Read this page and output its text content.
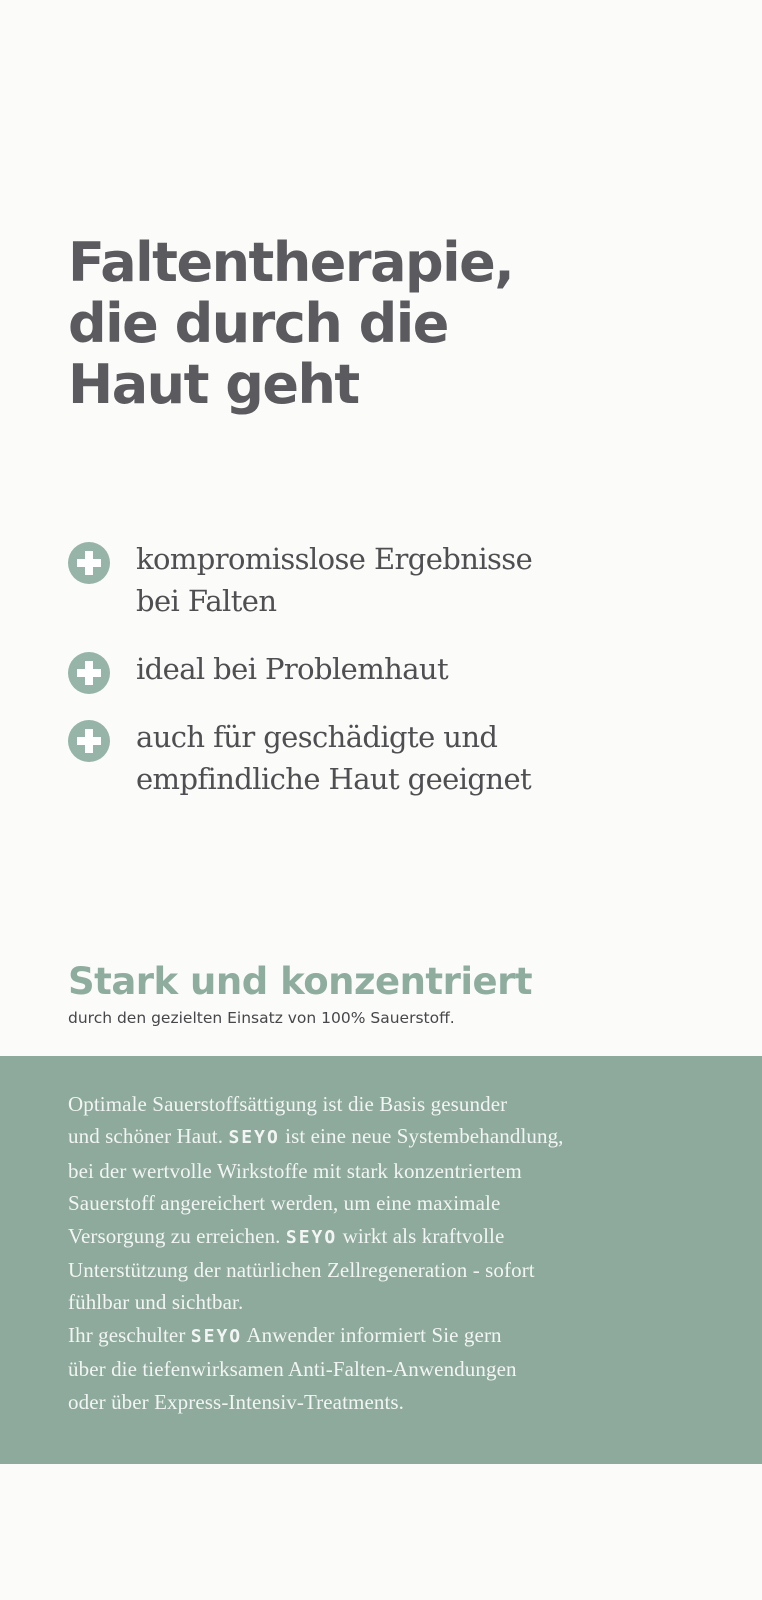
Faltentherapie,
die durch die
Haut geht
kompromisslose Ergebnisse
bei Falten
ideal bei Problemhaut
auch für geschädigte und
empfindliche Haut geeignet
Stark und konzentriert

durch den gezielten Einsatz von 100% Sauerstoff.

Optimale Sauerstoffsättigung ist die Basis gesunder
und schöner Haut. SEYO ist eine neue Systembehandlung,
bei der wertvolle Wirkstoffe mit stark konzentriertem
Sauerstoff angereichert werden, um eine maximale
Versorgung zu erreichen. SEYO wirkt als kraftvolle
Unterstützung der natürlichen Zellregeneration - sofort
fühlbar und sichtbar.
Ihr geschulter SEYO Anwender informiert Sie gern
über die tiefenwirksamen Anti-Falten-Anwendungen
oder über Express-Intensiv-Treatments.
